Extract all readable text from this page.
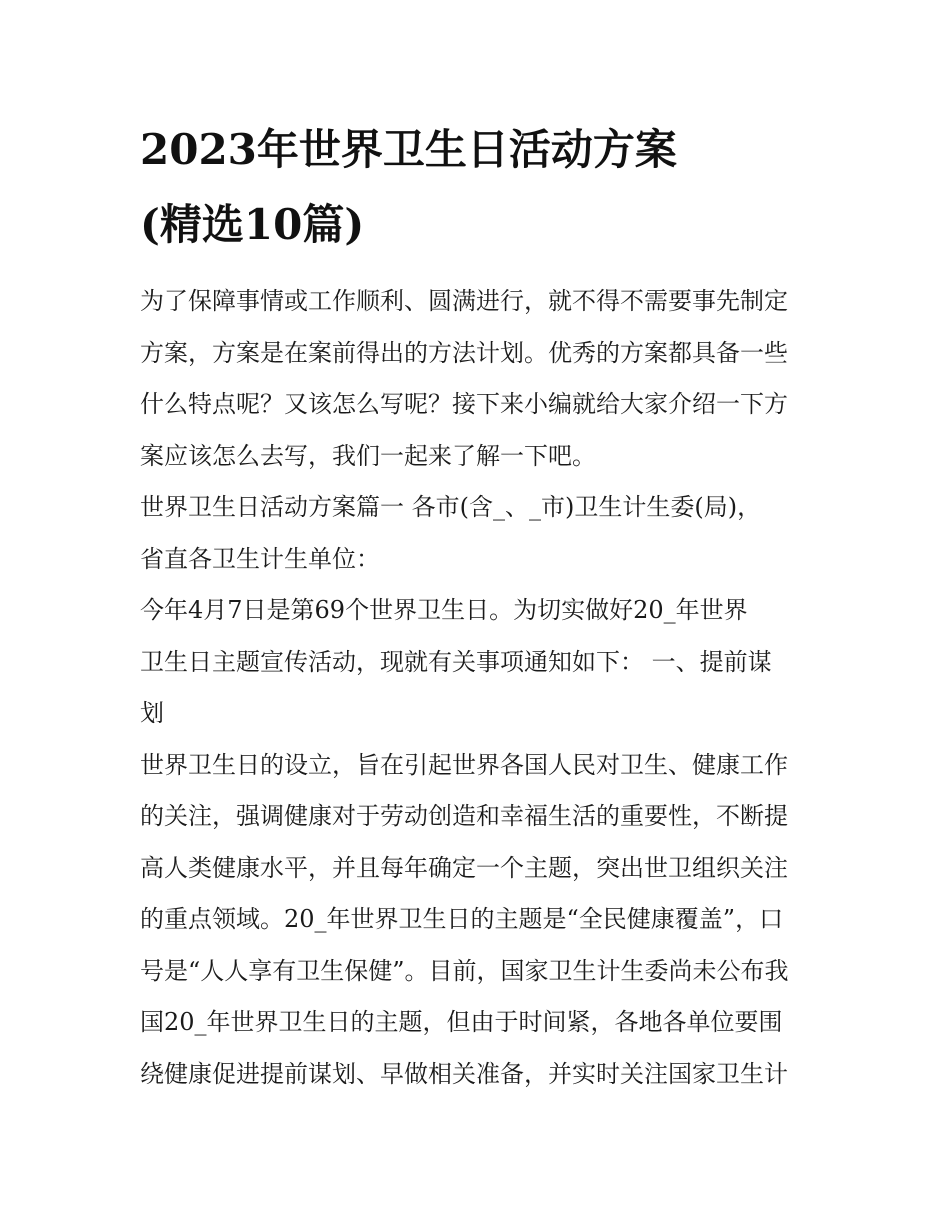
2023年世界卫生日活动方案
(精选10篇)
为了保障事情或工作顺利、圆满进行，就不得不需要事先制定
方案，方案是在案前得出的方法计划。优秀的方案都具备一些
什么特点呢？又该怎么写呢？接下来小编就给大家介绍一下方
案应该怎么去写，我们一起来了解一下吧。
世界卫生日活动方案篇一 各市(含_、_市)卫生计生委(局)，
省直各卫生计生单位：
今年4月7日是第69个世界卫生日。为切实做好20_年世界
卫生日主题宣传活动，现就有关事项通知如下： 一、提前谋
划
世界卫生日的设立，旨在引起世界各国人民对卫生、健康工作
的关注，强调健康对于劳动创造和幸福生活的重要性，不断提
高人类健康水平，并且每年确定一个主题，突出世卫组织关注
的重点领域。20_年世界卫生日的主题是“全民健康覆盖”，口
号是“人人享有卫生保健”。目前，国家卫生计生委尚未公布我
国20_年世界卫生日的主题，但由于时间紧，各地各单位要围
绕健康促进提前谋划、早做相关准备，并实时关注国家卫生计
